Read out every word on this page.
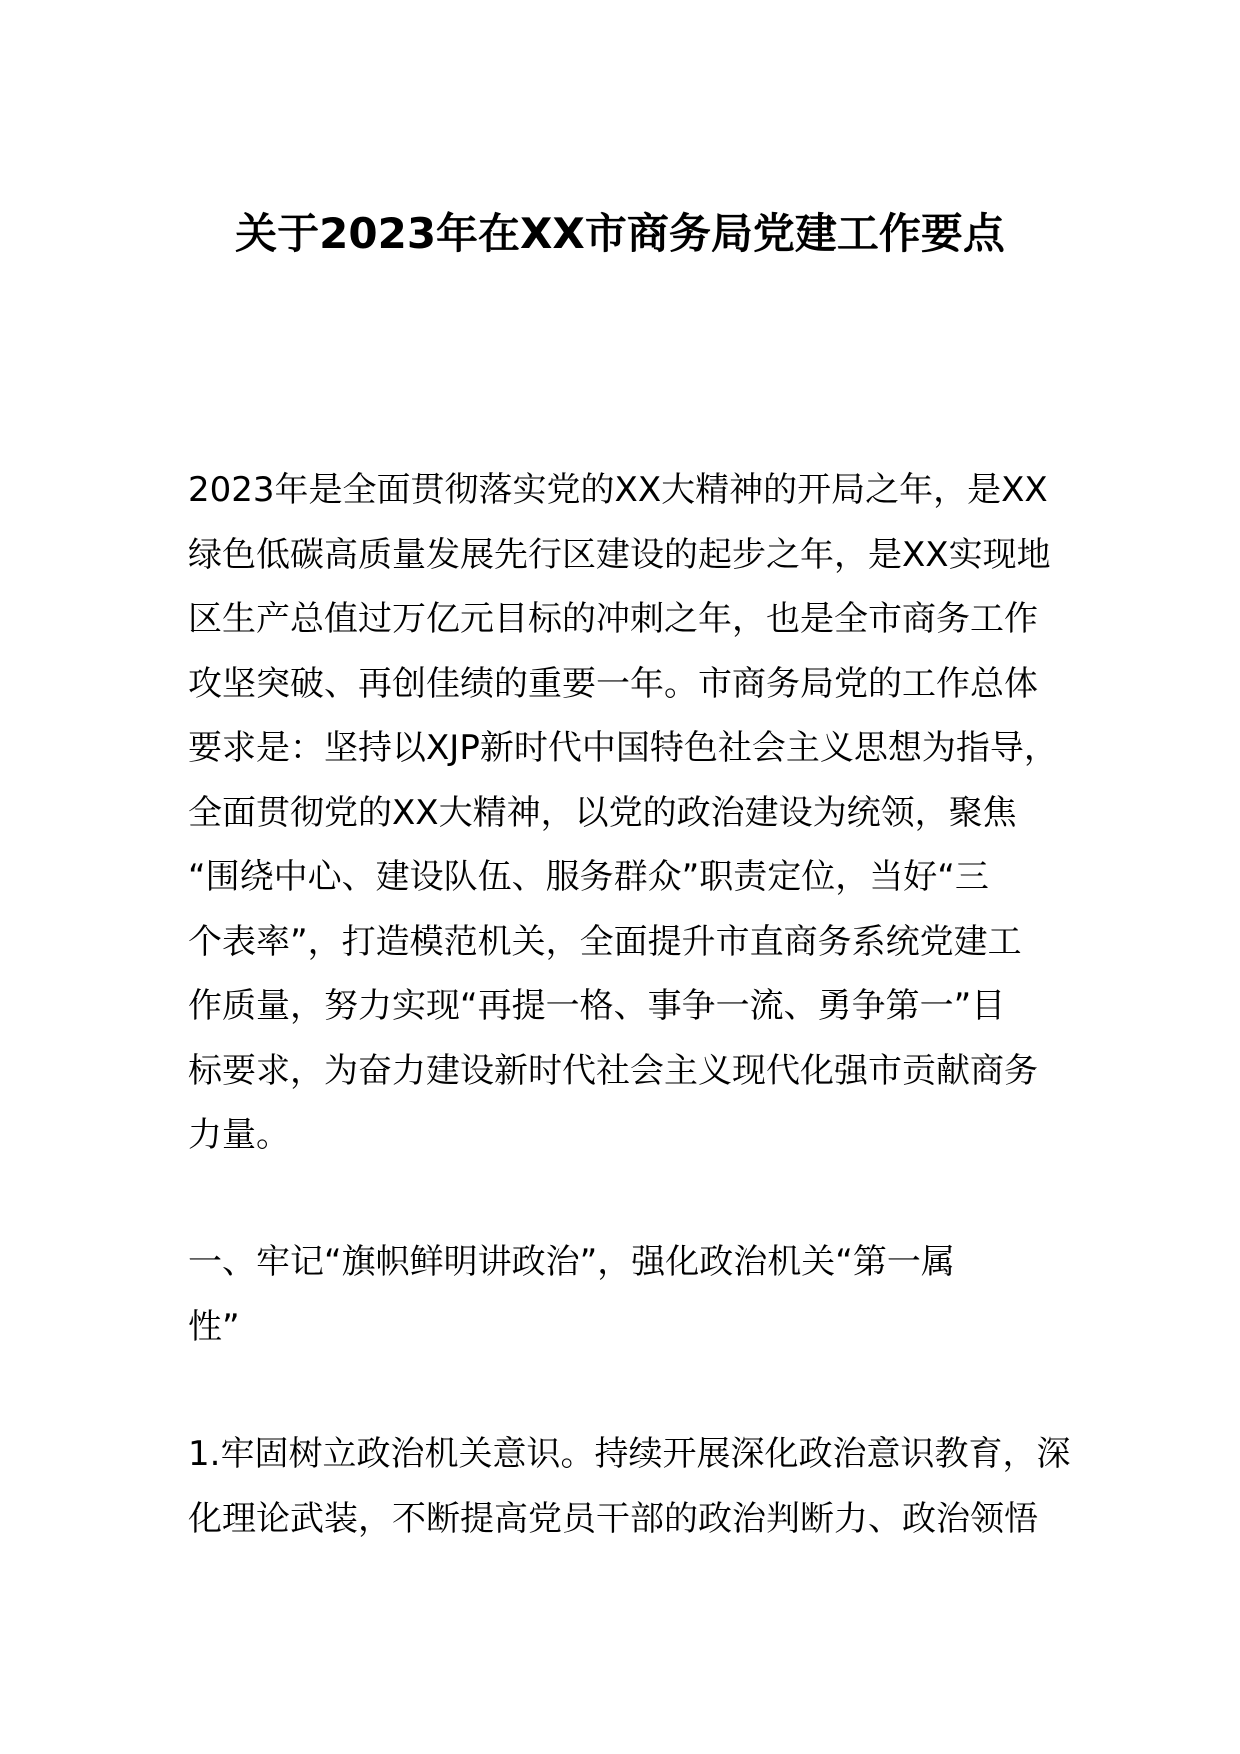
关于2023年在XX市商务局党建工作要点
2023年是全面贯彻落实党的XX大精神的开局之年，是XX
绿色低碳高质量发展先行区建设的起步之年，是XX实现地
区生产总值过万亿元目标的冲刺之年，也是全市商务工作
攻坚突破、再创佳绩的重要一年。市商务局党的工作总体
要求是：坚持以XJP新时代中国特色社会主义思想为指导，
全面贯彻党的XX大精神，以党的政治建设为统领，聚焦
“围绕中心、建设队伍、服务群众”职责定位，当好“三
个表率”，打造模范机关，全面提升市直商务系统党建工
作质量，努力实现“再提一格、事争一流、勇争第一”目
标要求，为奋力建设新时代社会主义现代化强市贡献商务
力量。
一、牢记“旗帜鲜明讲政治”，强化政治机关“第一属
性”
1.牢固树立政治机关意识。持续开展深化政治意识教育，深
化理论武装，不断提高党员干部的政治判断力、政治领悟
